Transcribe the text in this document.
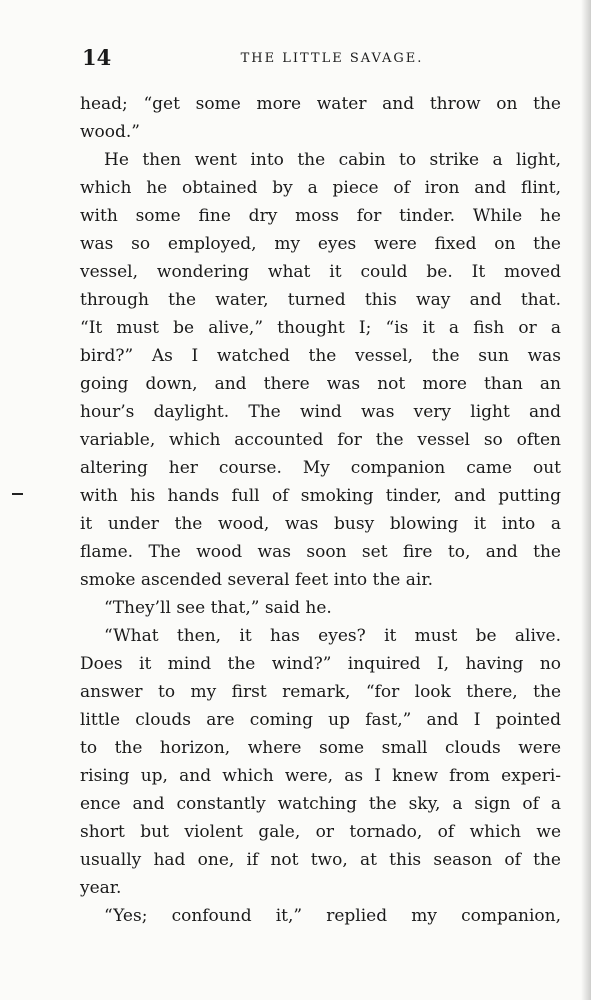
14	THE LITTLE SAVAGE.
head; “get some more water and throw on the
wood.”
He then went into the cabin to strike a light,
which he obtained by a piece of iron and flint,
with some fine dry moss for tinder. While he
was so employed, my eyes were fixed on the
vessel, wondering what it could be. It moved
through the water, turned this way and that.
“It must be alive,” thought I; “is it a fish or a
bird?” As I watched the vessel, the sun was
going down, and there was not more than an
hour’s daylight. The wind was very light and
variable, which accounted for the vessel so often
altering her course. My companion came out
with his hands full of smoking tinder, and putting
it under the wood, was busy blowing it into a
flame. The wood was soon set fire to, and the
smoke ascended several feet into the air.
“They’ll see that,” said he.
“What then, it has eyes? it must be alive.
Does it mind the wind?” inquired I, having no
answer to my first remark, “for look there, the
little clouds are coming up fast,” and I pointed
to the horizon, where some small clouds were
rising up, and which were, as I knew from experi-
ence and constantly watching the sky, a sign of a
short but violent gale, or tornado, of which we
usually had one, if not two, at this season of the
year.
“Yes; confound it,” replied my companion,
